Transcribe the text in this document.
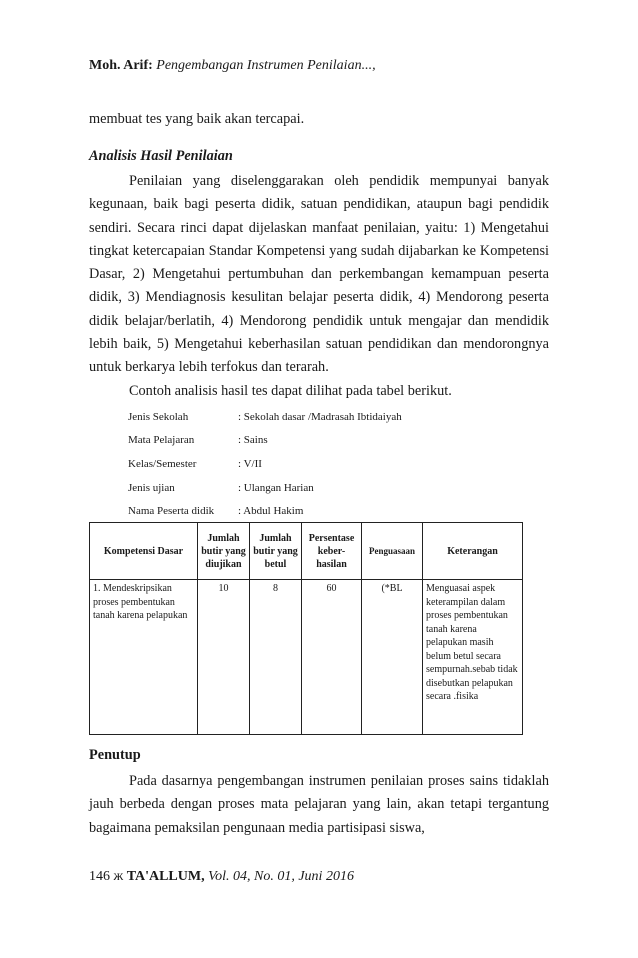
Moh. Arif: Pengembangan Instrumen Penilaian...,
membuat tes yang baik akan tercapai.
Analisis Hasil Penilaian

Penilaian yang diselenggarakan oleh pendidik mempunyai banyak kegunaan, baik bagi peserta didik, satuan pendidikan, ataupun bagi pendidik sendiri. Secara rinci dapat dijelaskan manfaat penilaian, yaitu: 1) Mengetahui tingkat ketercapaian Standar Kompetensi yang sudah dijabarkan ke Kompetensi Dasar, 2) Mengetahui pertumbuhan dan perkembangan kemampuan peserta didik, 3) Mendiagnosis kesulitan belajar peserta didik, 4) Mendorong peserta didik belajar/berlatih, 4) Mendorong pendidik untuk mengajar dan mendidik lebih baik, 5) Mengetahui keberhasilan satuan pendidikan dan mendorongnya untuk berkarya lebih terfokus dan terarah.

Contoh analisis hasil tes dapat dilihat pada tabel berikut.

Jenis Sekolah	: Sekolah dasar /Madrasah Ibtidaiyah
Mata Pelajaran	: Sains
Kelas/Semester	: V/II
Jenis ujian	: Ulangan Harian
Nama Peserta didik : Abdul Hakim
Kompetensi Dasar	Jumlah butir yang diujikan	Jumlah butir yang betul	Persentase keber-hasilan	Penguasaan	Keterangan
1. Mendeskripsikan proses pembentukan tanah karena pelapukan	10	8	60	(*BL	Menguasai aspek keterampilan dalam proses pembentukan tanah karena pelapukan masih belum betul secara sempurnah.sebab tidak disebutkan pelapukan secara .fisika
Penutup

Pada dasarnya pengembangan instrumen penilaian proses sains tidaklah jauh berbeda dengan proses mata pelajaran yang lain, akan tetapi tergantung bagaimana pemaksilan pengunaan media partisipasi siswa,

146 ж TA'ALLUM, Vol. 04, No. 01, Juni 2016
